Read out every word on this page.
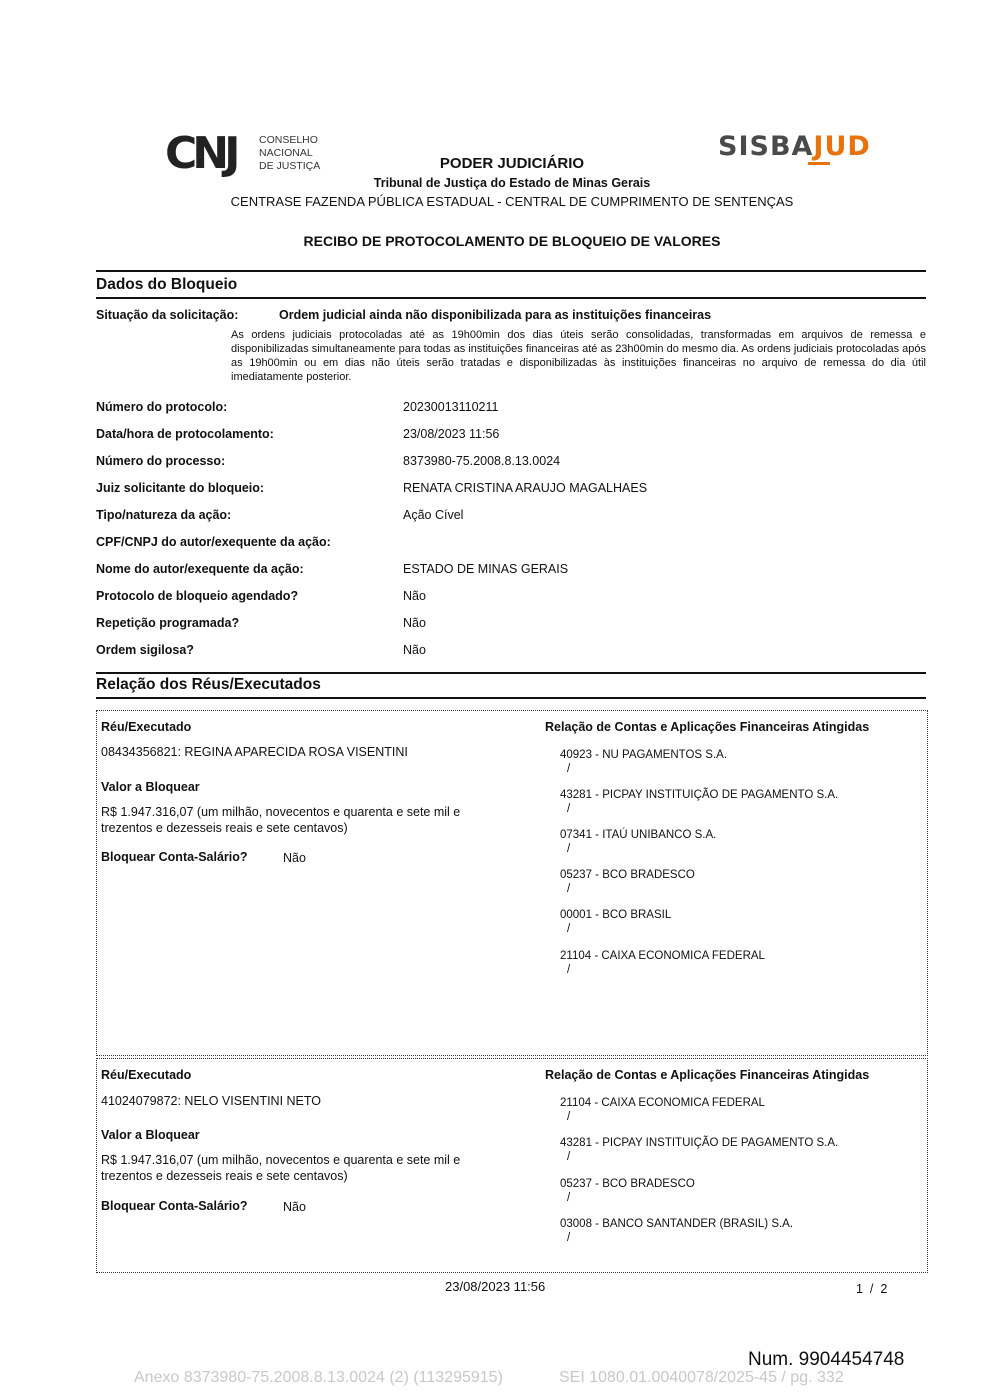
CNJ CONSELHO
NACIONAL
DE JUSTIÇA
SISBAJUD
PODER JUDICIÁRIO
Tribunal de Justiça do Estado de Minas Gerais
CENTRASE FAZENDA PÚBLICA ESTADUAL - CENTRAL DE CUMPRIMENTO DE SENTENÇAS
RECIBO DE PROTOCOLAMENTO DE BLOQUEIO DE VALORES
Dados do Bloqueio
Situação da solicitação:	Ordem judicial ainda não disponibilizada para as instituições financeiras
As ordens judiciais protocoladas até as 19h00min dos dias úteis serão consolidadas, transformadas em arquivos de remessa e disponibilizadas simultaneamente para todas as instituições financeiras até as 23h00min do mesmo dia. As ordens judiciais protocoladas após as 19h00min ou em dias não úteis serão tratadas e disponibilizadas às instituições financeiras no arquivo de remessa do dia útil imediatamente posterior.
Número do protocolo:	20230013110211
Data/hora de protocolamento:	23/08/2023 11:56
Número do processo:	8373980-75.2008.8.13.0024
Juiz solicitante do bloqueio:	RENATA CRISTINA ARAUJO MAGALHAES
Tipo/natureza da ação:	Ação Cível
CPF/CNPJ do autor/exequente da ação:
Nome do autor/exequente da ação:	ESTADO DE MINAS GERAIS
Protocolo de bloqueio agendado?	Não
Repetição programada?	Não
Ordem sigilosa?	Não
Relação dos Réus/Executados
Réu/Executado
08434356821: REGINA APARECIDA ROSA VISENTINI
Valor a Bloquear
R$ 1.947.316,07 (um milhão, novecentos e quarenta e sete mil e
trezentos e dezesseis reais e sete centavos)
Bloquear Conta-Salário?	Não
Relação de Contas e Aplicações Financeiras Atingidas
40923 - NU PAGAMENTOS S.A.
/
43281 - PICPAY INSTITUIÇÃO DE PAGAMENTO S.A.
/
07341 - ITAÚ UNIBANCO S.A.
/
05237 - BCO BRADESCO
/
00001 - BCO BRASIL
/
21104 - CAIXA ECONOMICA FEDERAL
/
Réu/Executado
41024079872: NELO VISENTINI NETO
Valor a Bloquear
R$ 1.947.316,07 (um milhão, novecentos e quarenta e sete mil e
trezentos e dezesseis reais e sete centavos)
Bloquear Conta-Salário?	Não
Relação de Contas e Aplicações Financeiras Atingidas
21104 - CAIXA ECONOMICA FEDERAL
/
43281 - PICPAY INSTITUIÇÃO DE PAGAMENTO S.A.
/
05237 - BCO BRADESCO
/
03008 - BANCO SANTANDER (BRASIL) S.A.
/
23/08/2023 11:56	1  /  2
Num. 9904454748
Anexo 8373980-75.2008.8.13.0024 (2) (113295915)	SEI 1080.01.0040078/2025-45 / pg. 332
